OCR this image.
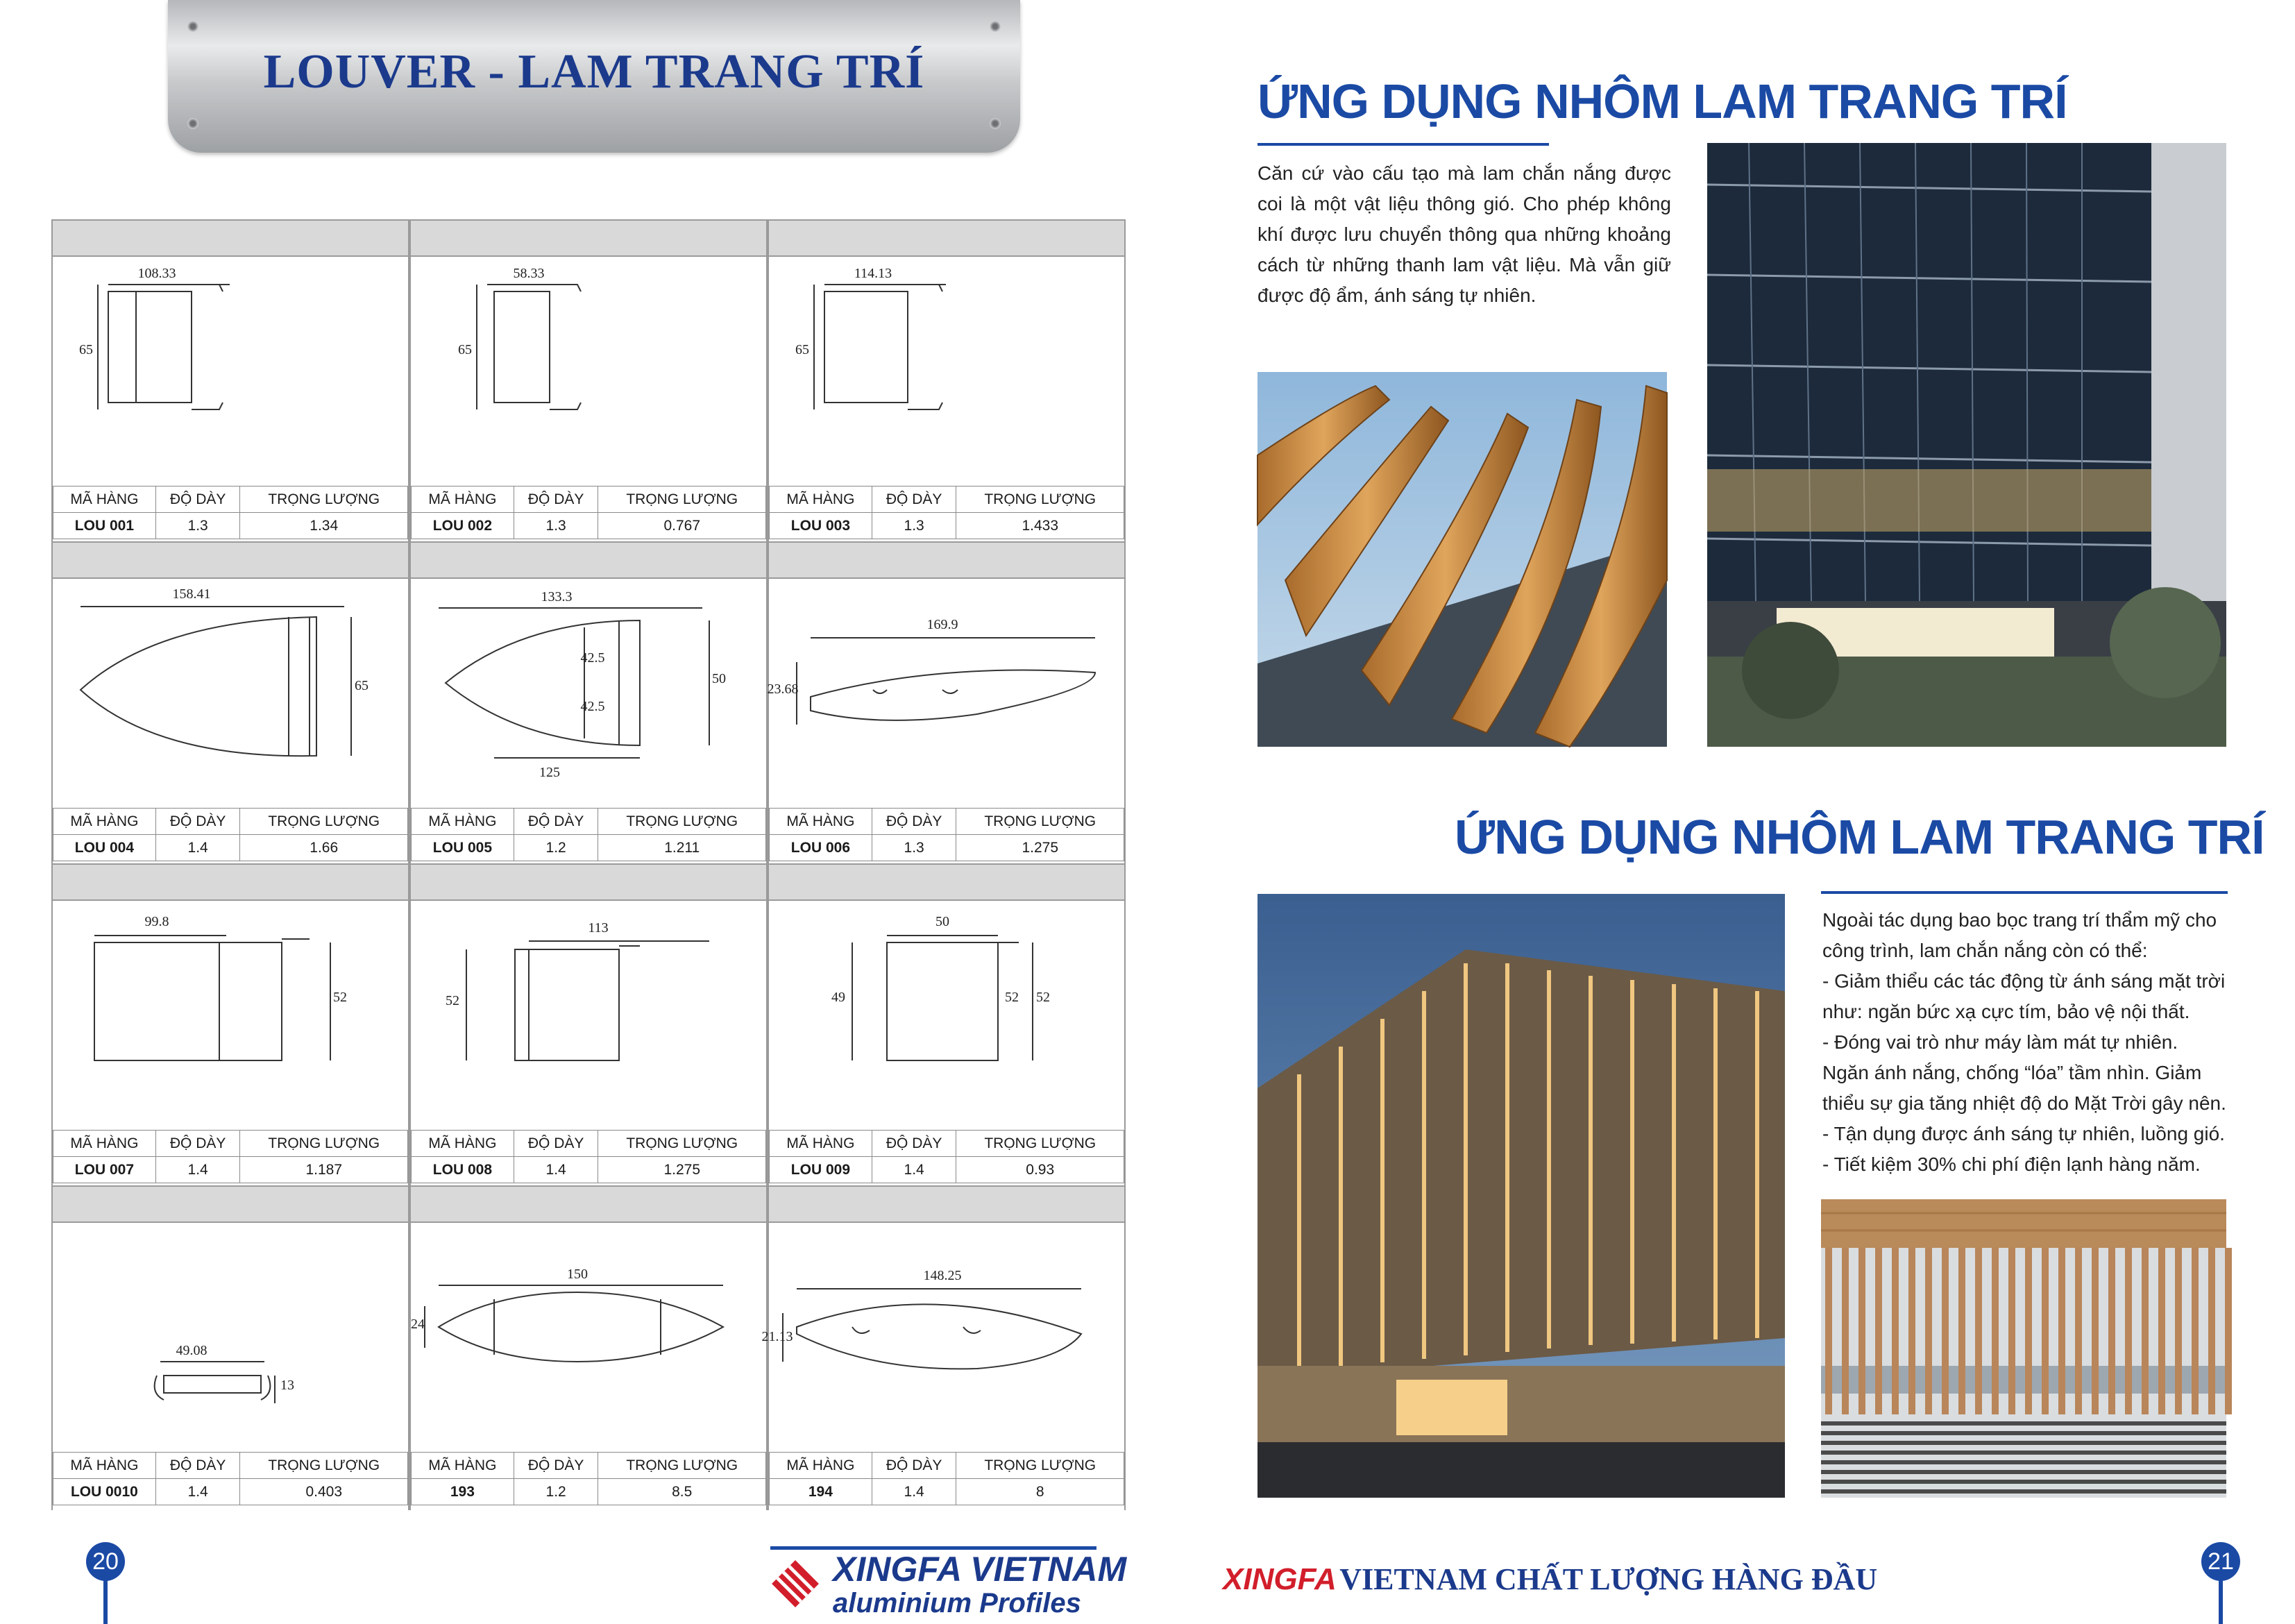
LOUVER - LAM TRANG TRÍ
108.33
65
MÃ HÀNG	ĐỘ DÀY	TRỌNG LƯỢNG
LOU 001	1.3	1.34
58.33
65
MÃ HÀNG	ĐỘ DÀY	TRỌNG LƯỢNG
LOU 002	1.3	0.767
114.13
65
MÃ HÀNG	ĐỘ DÀY	TRỌNG LƯỢNG
LOU 003	1.3	1.433
158.41
65
MÃ HÀNG	ĐỘ DÀY	TRỌNG LƯỢNG
LOU 004	1.4	1.66
133.3
50
125
42.5
42.5
MÃ HÀNG	ĐỘ DÀY	TRỌNG LƯỢNG
LOU 005	1.2	1.211
169.9
23.68
MÃ HÀNG	ĐỘ DÀY	TRỌNG LƯỢNG
LOU 006	1.3	1.275
99.8
52
MÃ HÀNG	ĐỘ DÀY	TRỌNG LƯỢNG
LOU 007	1.4	1.187
113
52
MÃ HÀNG	ĐỘ DÀY	TRỌNG LƯỢNG
LOU 008	1.4	1.275
50
49	52 52
MÃ HÀNG	ĐỘ DÀY	TRỌNG LƯỢNG
LOU 009	1.4	0.93
49.08
13
MÃ HÀNG	ĐỘ DÀY	TRỌNG LƯỢNG
LOU 0010	1.4	0.403
150
24
MÃ HÀNG	ĐỘ DÀY	TRỌNG LƯỢNG
193	1.2	8.5
148.25
21.13
MÃ HÀNG	ĐỘ DÀY	TRỌNG LƯỢNG
194	1.4	8
20	XINGFA VIETNAM
aluminium Profiles
ỨNG DỤNG NHÔM LAM TRANG TRÍ

Căn cứ vào cấu tạo mà lam chắn nắng được coi là một vật liệu thông gió. Cho phép không khí được lưu chuyển thông qua những khoảng cách từ những thanh lam vật liệu. Mà vẫn giữ được độ ẩm, ánh sáng tự nhiên.

ỨNG DỤNG NHÔM LAM TRANG TRÍ

Ngoài tác dụng bao bọc trang trí thẩm mỹ cho công trình, lam chắn nắng còn có thể:

- Giảm thiểu các tác động từ ánh sáng mặt trời như: ngăn bức xạ cực tím, bảo vệ nội thất.

- Đóng vai trò như máy làm mát tự nhiên. Ngăn ánh nắng, chống “lóa” tầm nhìn. Giảm thiểu sự gia tăng nhiệt độ do Mặt Trời gây nên.

- Tận dụng được ánh sáng tự nhiên, luồng gió.

- Tiết kiệm 30% chi phí điện lạnh hàng năm.

XINGFA VIETNAM CHẤT LƯỢNG HÀNG ĐẦU
21
